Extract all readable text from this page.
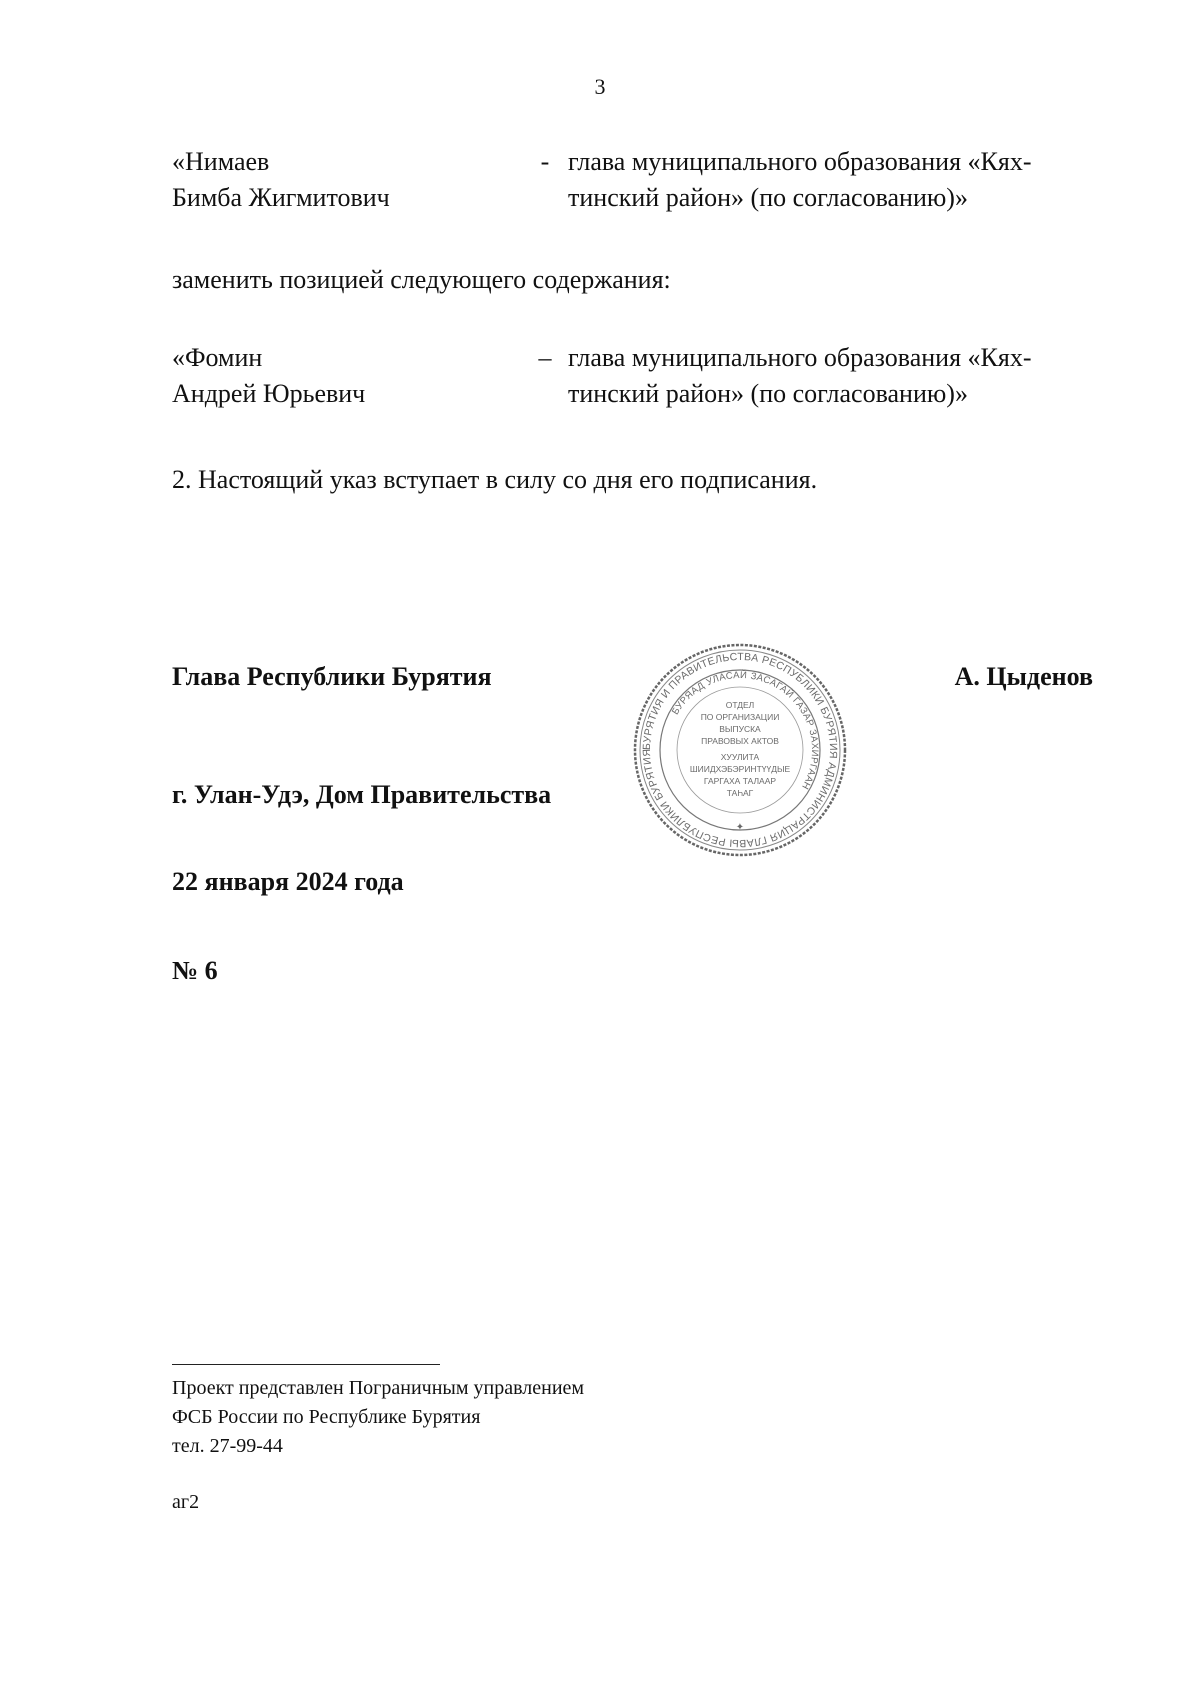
3
«Нимаев
Бимба Жигмитович
- глава муниципального образования «Кях-
тинский район» (по согласованию)»
заменить позицией следующего содержания:
«Фомин
Андрей Юрьевич
– глава муниципального образования «Кях-
тинский район» (по согласованию)»
2. Настоящий указ вступает в силу со дня его подписания.
Глава Республики Бурятия	А. Цыденов
БУРЯТИЯ И ПРАВИТЕЛЬСТВА РЕСПУБЛИКИ БУРЯТИЯ АДМИНИСТРАЦИЯ ГЛАВЫ РЕСПУБЛИКИ БУРЯТИЯ
БУРЯАД УЛАСАЙ ЗАСАГАЙ ГАЗАР ЗАХИРГААН
ОТДЕЛ
ПО ОРГАНИЗАЦИИ
ВЫПУСКА
ПРАВОВЫХ АКТОВ
ХУУЛИТА
ШИИДХЭБЭРИНТҮҮДЫЕ
ГАРГАХА ТАЛААР
ТАҺАГ
✦
г. Улан-Удэ, Дом Правительства
22 января 2024 года
№ 6
Проект представлен Пограничным управлением
ФСБ России по Республике Бурятия
тел. 27-99-44
аг2
